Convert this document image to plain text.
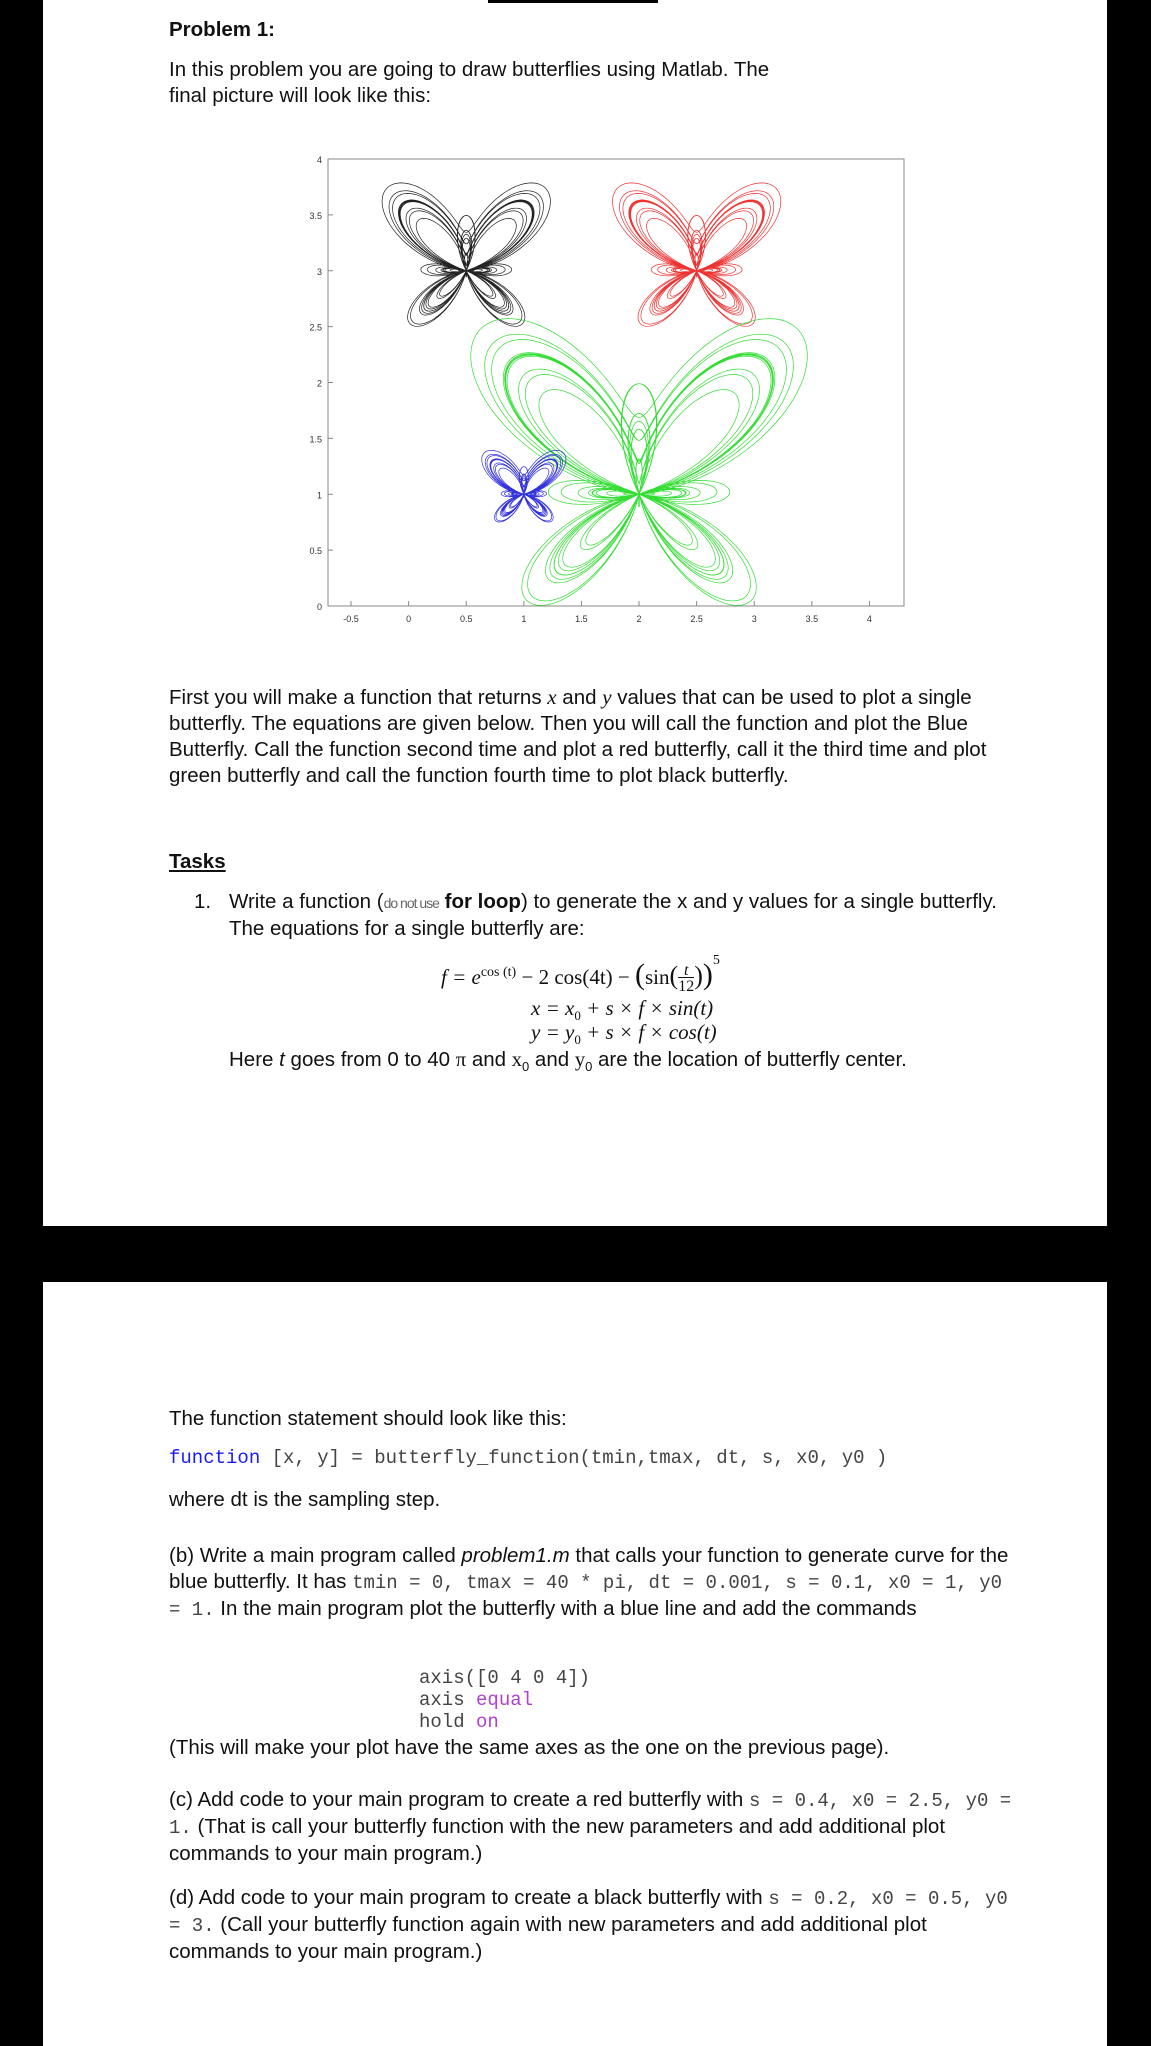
Problem 1:

In this problem you are going to draw butterflies using Matlab. The final picture will look like this:

0
0.5
1
1.5
2
2.5
3
3.5
4
-0.5	0	0.5	1	1.5	2	2.5	3	3.5	4

First you will make a function that returns x and y values that can be used to plot a single butterfly. The equations are given below. Then you will call the function and plot the Blue Butterfly. Call the function second time and plot a red butterfly, call it the third time and plot green butterfly and call the function fourth time to plot black butterfly.

Tasks
1. Write a function (do not use for loop) to generate the x and y values for a single butterfly. The equations for a single butterfly are:

$f = e^{cos (t)} - 2$ $\cos(4t) - (\sin(\frac{t}{12}))^5$
$x = x_0 + s \times f \times \sin(t)$
$y = y_0 + s \times f \times \cos(t)$

Here t goes from 0 to 40 π and $x_0$ and $y_0$ are the location of butterfly center.

The function statement should look like this:

function [x, y] = butterfly_function(tmin,tmax, dt, s, x0, y0 )

where dt is the sampling step.

(b) Write a main program called problem1.m that calls your function to generate curve for the blue butterfly. It has tmin = 0, tmax = 40 * pi, dt = 0.001, s = 0.1, x0 = 1, y0 = 1. In the main program plot the butterfly with a blue line and add the commands

axis([0 4 0 4])
axis equal
hold on

(This will make your plot have the same axes as the one on the previous page).

(c) Add code to your main program to create a red butterfly with s = 0.4, x0 = 2.5, y0 = 1. (That is call your butterfly function with the new parameters and add additional plot commands to your main program.)

(d) Add code to your main program to create a black butterfly with s = 0.2, x0 = 0.5, y0 = 3. (Call your butterfly function again with new parameters and add additional plot commands to your main program.)
